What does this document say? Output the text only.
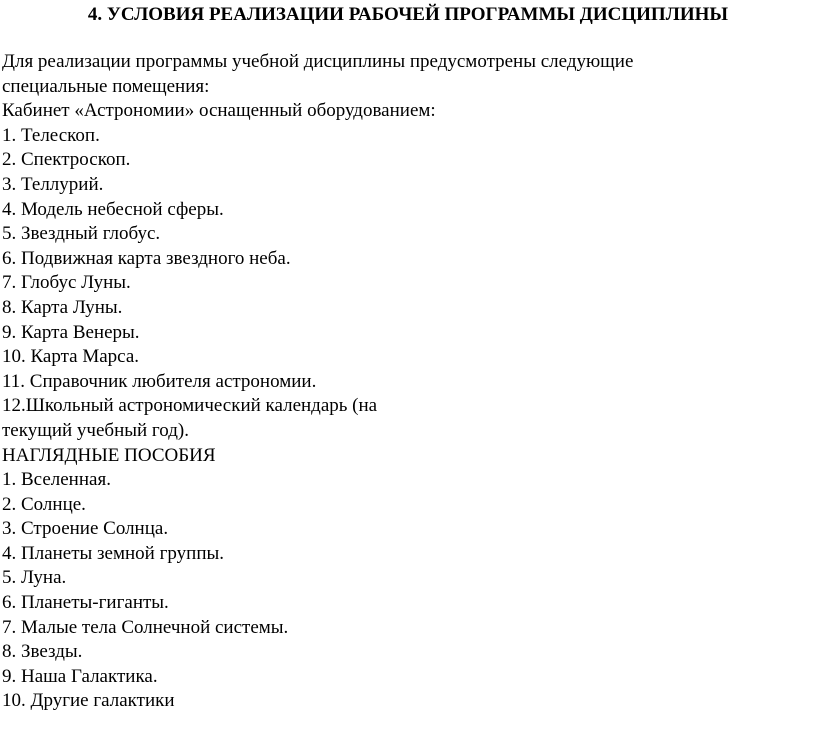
4. УСЛОВИЯ РЕАЛИЗАЦИИ РАБОЧЕЙ ПРОГРАММЫ ДИСЦИПЛИНЫ
Для реализации программы учебной дисциплины предусмотрены следующие
специальные помещения:
Кабинет «Астрономии» оснащенный оборудованием:
1. Телескоп.
2. Спектроскоп.
3. Теллурий.
4. Модель небесной сферы.
5. Звездный глобус.
6. Подвижная карта звездного неба.
7. Глобус Луны.
8. Карта Луны.
9. Карта Венеры.
10. Карта Марса.
11. Справочник любителя астрономии.
12.Школьный астрономический календарь (на
текущий учебный год).
НАГЛЯДНЫЕ ПОСОБИЯ
1. Вселенная.
2. Солнце.
3. Строение Солнца.
4. Планеты земной группы.
5. Луна.
6. Планеты-гиганты.
7. Малые тела Солнечной системы.
8. Звезды.
9. Наша Галактика.
10. Другие галактики
